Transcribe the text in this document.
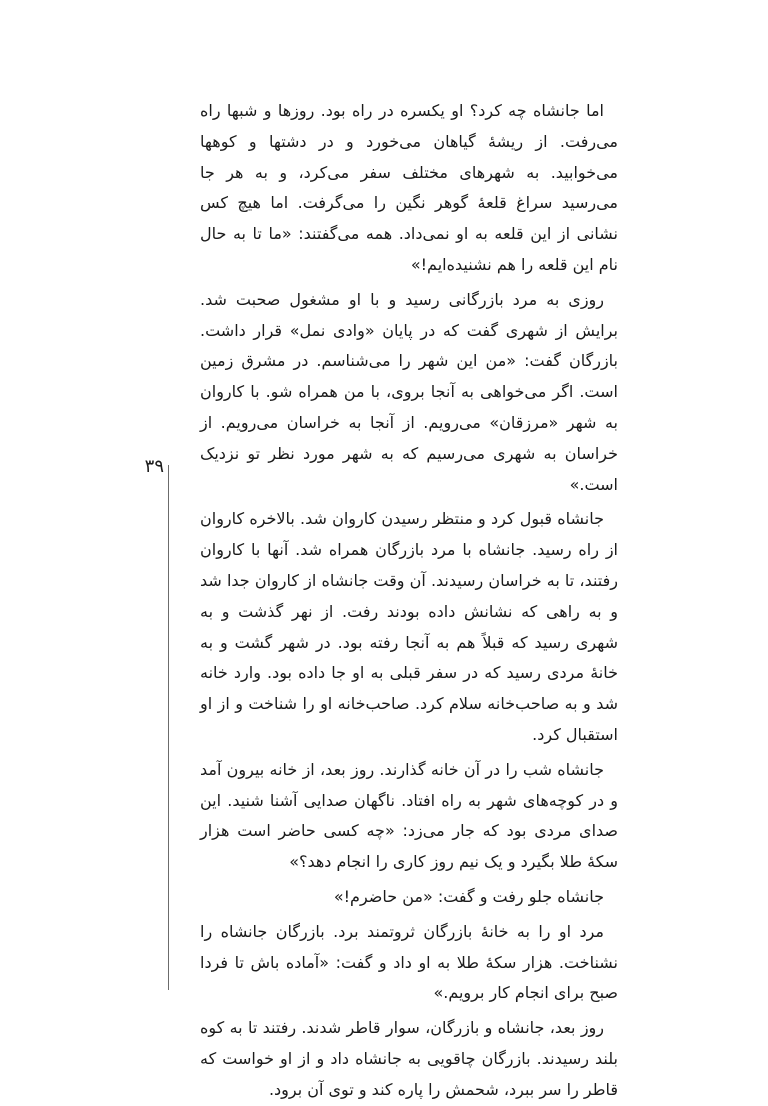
اما جانشاه چه کرد؟ او یکسره در راه بود. روزها و شبها راه می‌رفت. از ریشهٔ گیاهان می‌خورد و در دشتها و کوهها می‌خوابید. به شهرهای مختلف سفر می‌کرد، و به هر جا می‌رسید سراغ قلعهٔ گوهر نگین را می‌گرفت. اما هیچ کس نشانی از این قلعه به او نمی‌داد. همه می‌گفتند: «ما تا به حال نام این قلعه را هم نشنیده‌ایم!»

روزی به مرد بازرگانی رسید و با او مشغول صحبت شد. برایش از شهری گفت که در پایان «وادی نمل» قرار داشت. بازرگان گفت: «من این شهر را می‌شناسم. در مشرق زمین است. اگر می‌خواهی به آنجا بروی، با من همراه شو. با کاروان به شهر «مرزقان» می‌رویم. از آنجا به خراسان می‌رویم. از خراسان به شهری می‌رسیم که به شهر مورد نظر تو نزدیک است.»

جانشاه قبول کرد و منتظر رسیدن کاروان شد. بالاخره کاروان از راه رسید. جانشاه با مرد بازرگان همراه شد. آنها با کاروان رفتند، تا به خراسان رسیدند. آن وقت جانشاه از کاروان جدا شد و به راهی که نشانش داده بودند رفت. از نهر گذشت و به شهری رسید که قبلاً هم به آنجا رفته بود. در شهر گشت و به خانهٔ مردی رسید که در سفر قبلی به او جا داده بود. وارد خانه شد و به صاحب‌خانه سلام کرد. صاحب‌خانه او را شناخت و از او استقبال کرد.

جانشاه شب را در آن خانه گذارند. روز بعد، از خانه بیرون آمد و در کوچه‌های شهر به راه افتاد. ناگهان صدایی آشنا شنید. این صدای مردی بود که جار می‌زد: «چه کسی حاضر است هزار سکهٔ طلا بگیرد و یک نیم روز کاری را انجام دهد؟»

جانشاه جلو رفت و گفت: «من حاضرم!»

مرد او را به خانهٔ بازرگان ثروتمند برد. بازرگان جانشاه را نشناخت. هزار سکهٔ طلا به او داد و گفت: «آماده باش تا فردا صبح برای انجام کار برویم.»

روز بعد، جانشاه و بازرگان، سوار قاطر شدند. رفتند تا به کوه بلند رسیدند. بازرگان چاقویی به جانشاه داد و از او خواست که قاطر را سر ببرد، شحمش را پاره کند و توی آن برود.

۳۹
